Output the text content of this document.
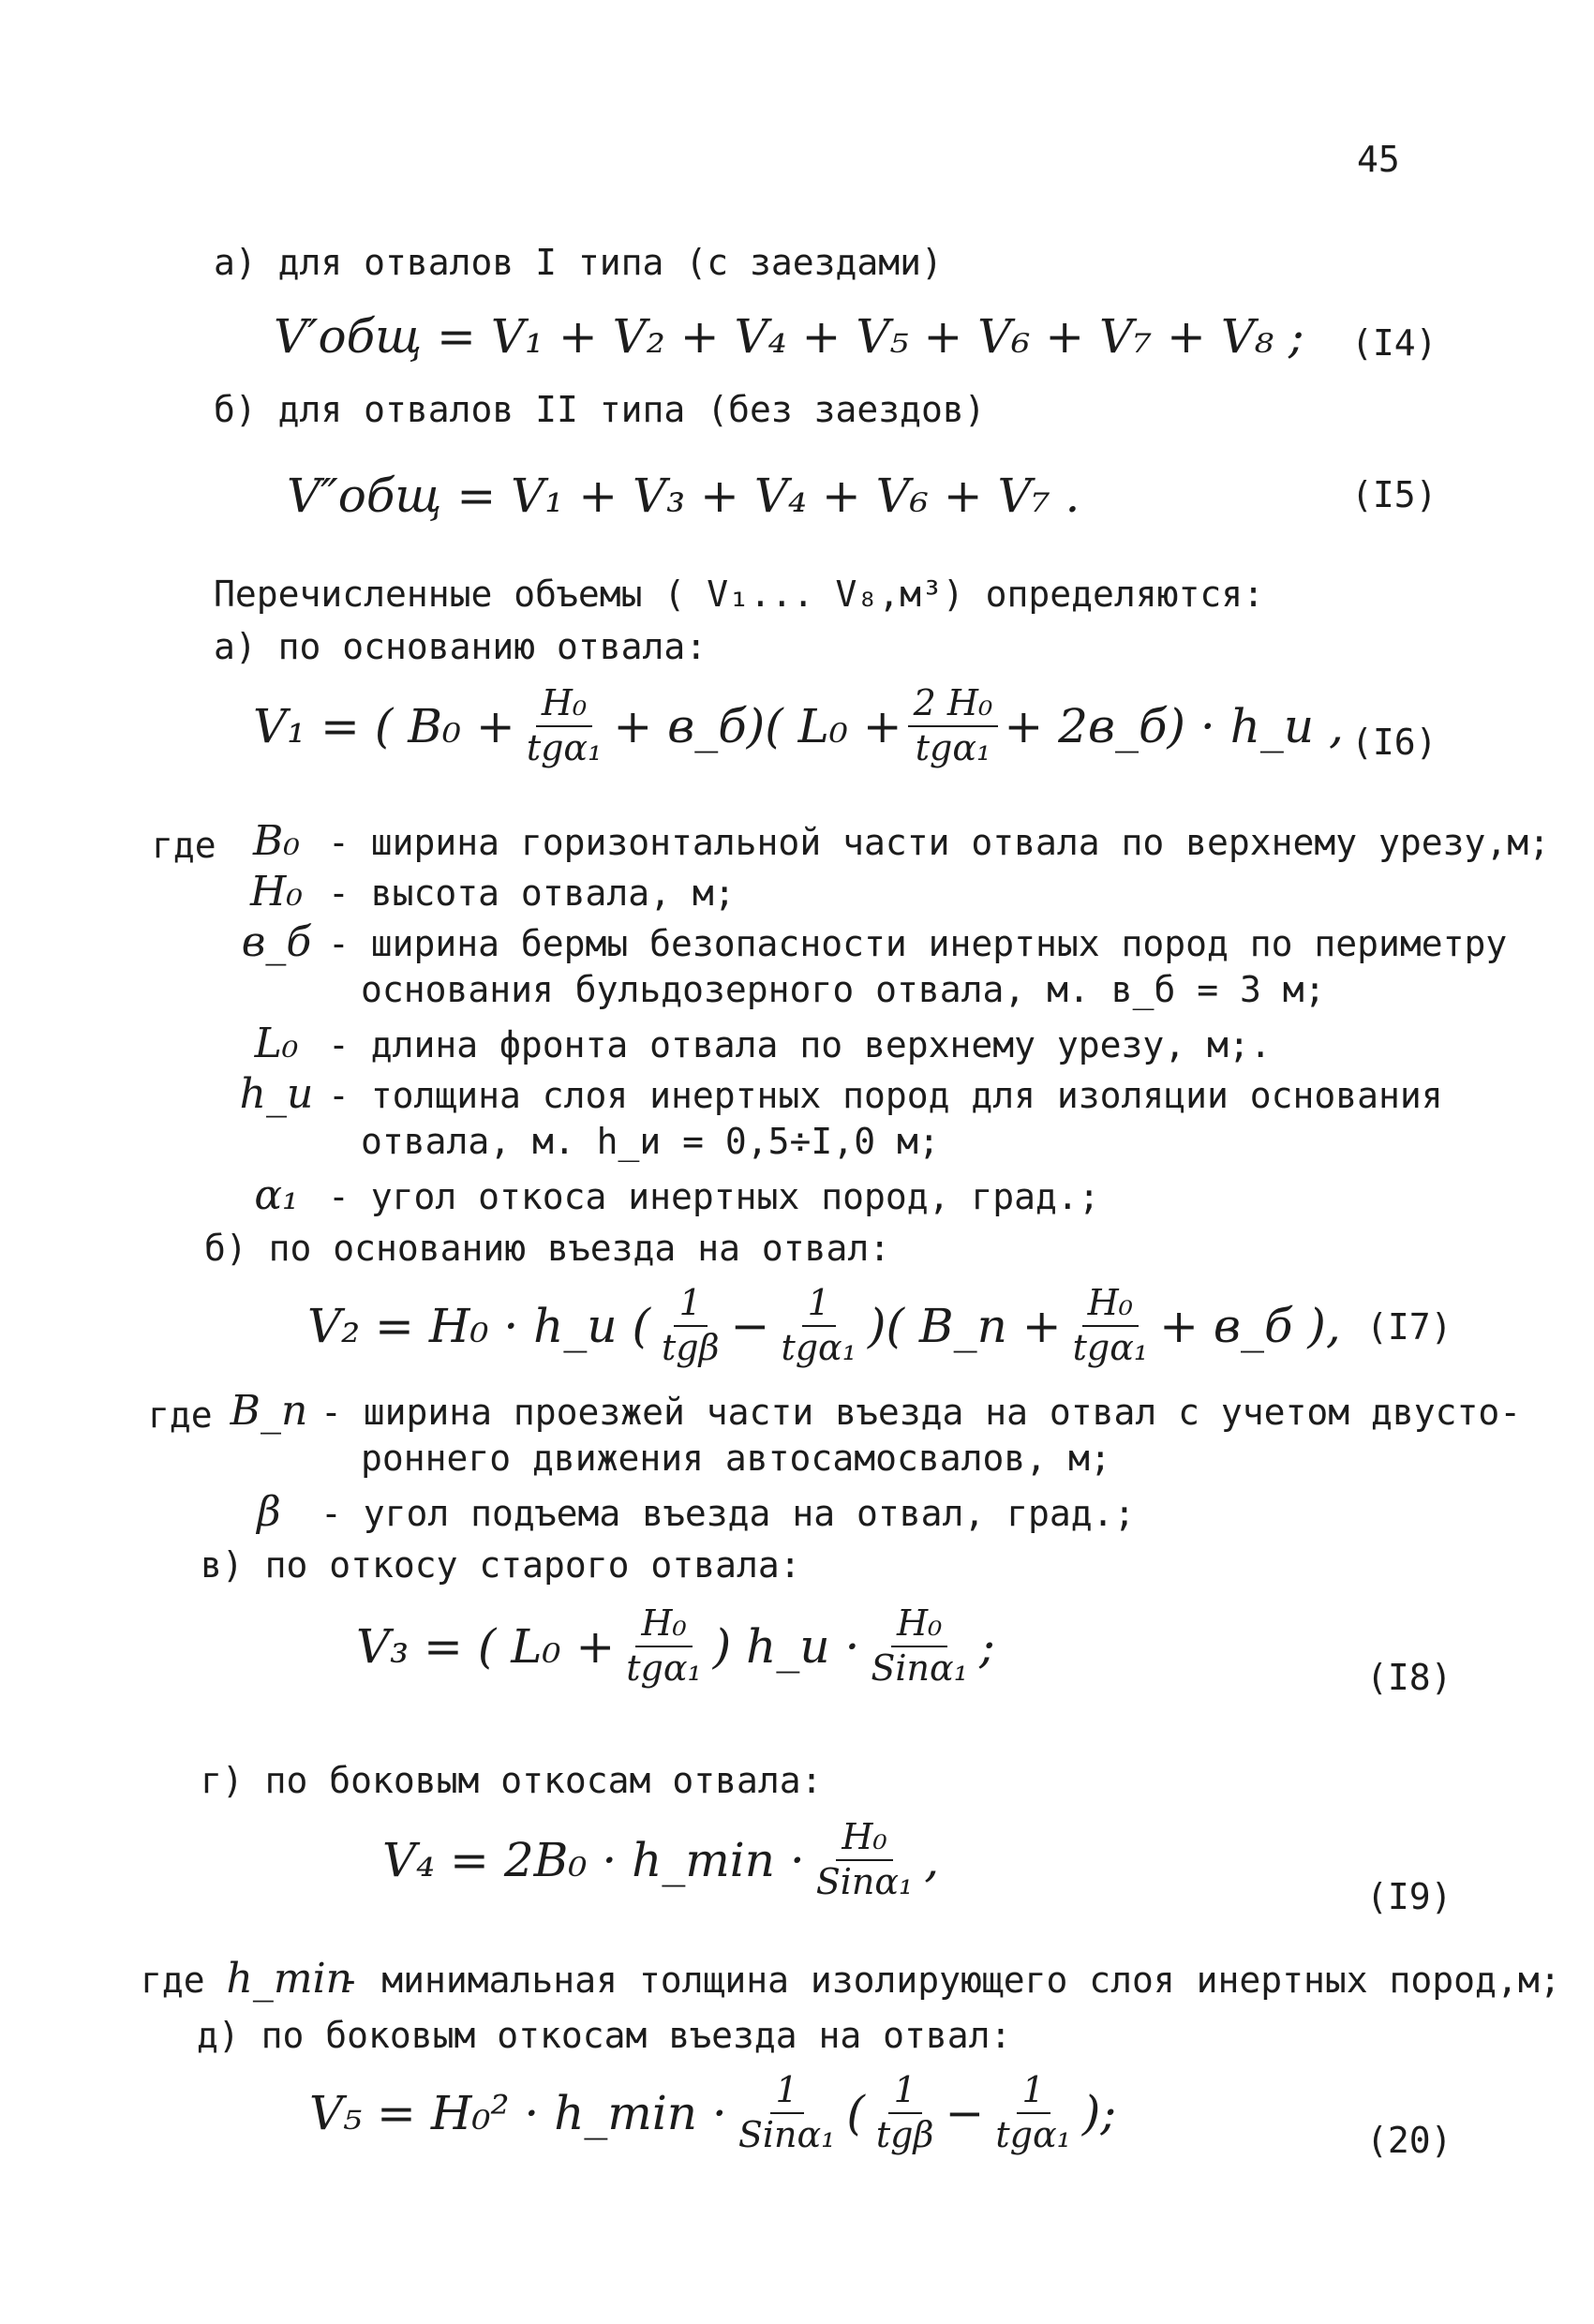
45
а) для отвалов I типа (с заездами)
V′общ = V₁ + V₂ + V₄ + V₅ + V₆ + V₇ + V₈ ; (I4)
б) для отвалов II типа (без заездов)
V″общ = V₁ + V₃ + V₄ + V₆ + V₇ .	(I5)
Перечисленные объемы ( V₁... V₈,м³) определяются:
а) по основанию отвала:
V₁ = ( $B_0 + \frac{\text{H₀}}{\text{tgα₁}}$ + в_б)( $L_0 + \frac{\text{2 H₀}}{\text{tgα₁}}$ + 2в_б) · h_и , (I6)
где B₀ - ширина горизонтальной части отвала по верхнему урезу,м;
H₀ - высота отвала, м;
в_б - ширина бермы безопасности инертных пород по периметру
основания бульдозерного отвала, м. в_б = 3 м;
L₀ - длина фронта отвала по верхнему урезу, м;.
h_и - толщина слоя инертных пород для изоляции основания
отвала, м. h_и = 0,5÷I,0 м;
α₁ - угол откоса инертных пород, град.;
б) по основанию въезда на отвал:
V₂ = H₀ · h_и ( $\frac{1}{\text{tgβ}} - \frac{1}{\text{tgα₁}}$ )( B_п + $\frac{\text{H₀}}{\text{tgα₁}}$ + в_б ), (I7)
где B_п - ширина проезжей части въезда на отвал с учетом двусто-
роннего движения автосамосвалов, м;
β - угол подъема въезда на отвал, град.;
в) по откосу старого отвала:
V₃ = ( $L_0 + \frac{\text{H₀}}{\text{tgα₁}}$ ) h_и · $\frac{\text{H₀}}{\text{Sinα₁}}$ ;
(I8)
г) по боковым откосам отвала:
V₄ = 2B₀ · h_min · $\frac{\text{H₀}}{\text{Sinα₁}}$ ,
(I9)
где h_min- минимальная толщина изолирующего слоя инертных пород,м;
д) по боковым откосам въезда на отвал:
V₅ = H₀² · h_min · $\frac{1}{\text{Sinα₁}}$ ( $\frac{1}{\text{tgβ}} - \frac{1}{\text{tgα₁}}$ );
(20)
